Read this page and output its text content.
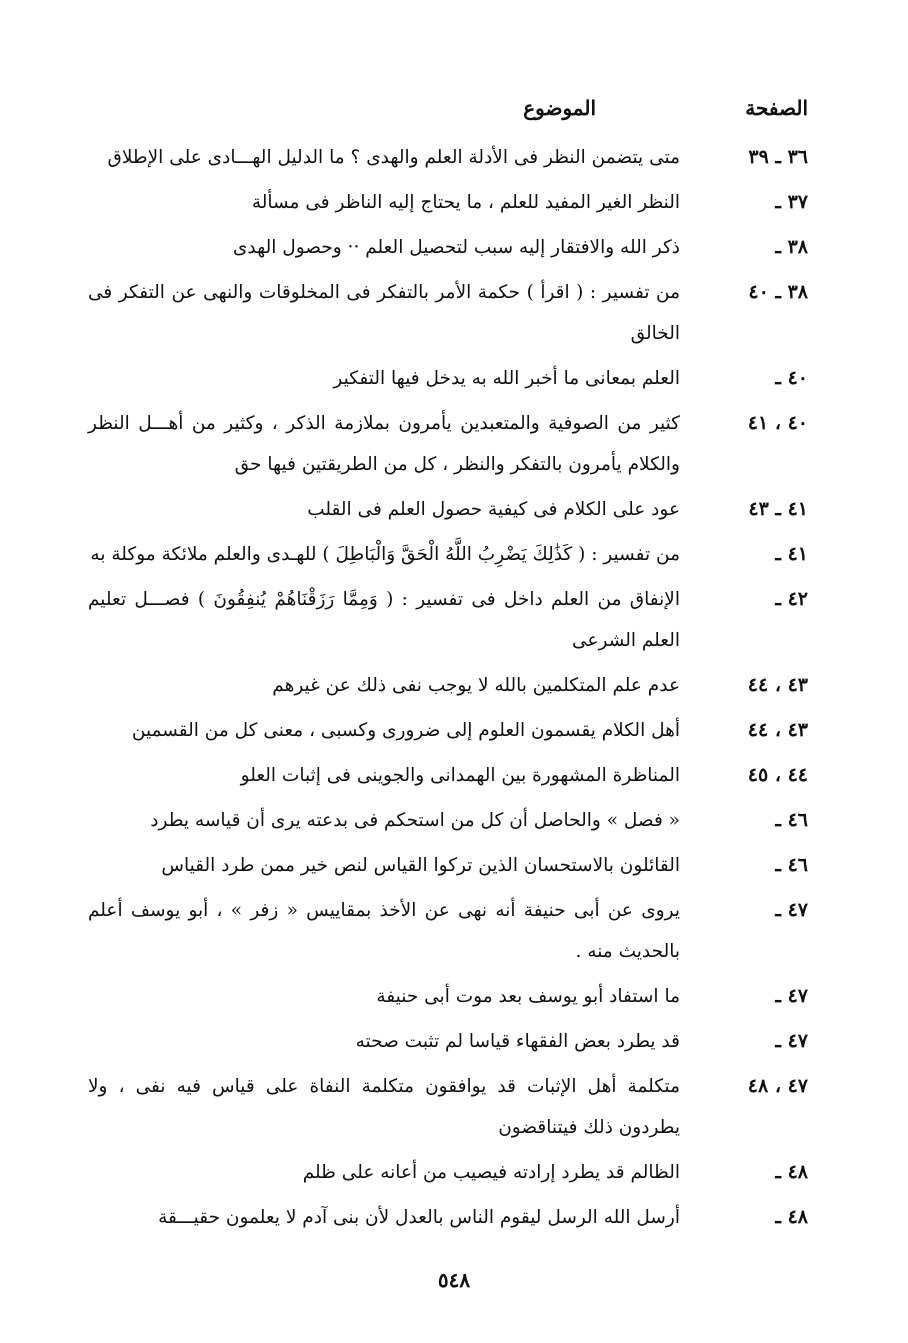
الصفحة
الموضوع
٣٦ ـ ٣٩
متى يتضمن النظر فى الأدلة العلم والهدى ؟ ما الدليل الهـــادى على الإطلاق
٣٧ ـ
النظر الغير المفيد للعلم ، ما يحتاج إليه الناظر فى مسألة
٣٨ ـ
ذكر الله والافتقار إليه سبب لتحصيل العلم ·· وحصول الهدى
٣٨ ـ ٤٠
من تفسير : ( اقرأ ) حكمة الأمر بالتفكر فى المخلوقات والنهى عن التفكر فى الخالق
٤٠ ـ
العلم بمعانى ما أخبر الله به يدخل فيها التفكير
٤٠ ، ٤١
كثير من الصوفية والمتعبدين يأمرون بملازمة الذكر ، وكثير من أهـــل النظر والكلام يأمرون بالتفكر والنظر ، كل من الطريقتين فيها حق
٤١ ـ ٤٣
عود على الكلام فى كيفية حصول العلم فى القلب
٤١ ـ
من تفسير : ( كَذَٰلِكَ يَضْرِبُ اللَّهُ الْحَقَّ وَالْبَاطِلَ ) للهـدى والعلم ملائكة موكلة به
٤٢ ـ
الإنفاق من العلم داخل فى تفسير : ( وَمِمَّا رَزَقْنَاهُمْ يُنفِقُونَ ) فصـــل تعليم العلم الشرعى
٤٣ ، ٤٤
عدم علم المتكلمين بالله لا يوجب نفى ذلك عن غيرهم
٤٣ ، ٤٤
أهل الكلام يقسمون العلوم إلى ضرورى وكسبى ، معنى كل من القسمين
٤٤ ، ٤٥
المناظرة المشهورة بين الهمدانى والجوينى فى إثبات العلو
٤٦ ـ
« فصل » والحاصل أن كل من استحكم فى بدعته يرى أن قياسه يطرد
٤٦ ـ
القائلون بالاستحسان الذين تركوا القياس لنص خير ممن طرد القياس
٤٧ ـ
يروى عن أبى حنيفة أنه نهى عن الأخذ بمقاييس « زفر » ، أبو يوسف أعلم بالحديث منه .
٤٧ ـ
ما استفاد أبو يوسف بعد موت أبى حنيفة
٤٧ ـ
قد يطرد بعض الفقهاء قياسا لم تثبت صحته
٤٧ ، ٤٨
متكلمة أهل الإثبات قد يوافقون متكلمة النفاة على قياس فيه نفى ، ولا يطردون ذلك فيتناقضون
٤٨ ـ
الظالم قد يطرد إرادته فيصيب من أعانه على ظلم
٤٨ ـ
أرسل الله الرسل ليقوم الناس بالعدل لأن بنى آدم لا يعلمون حقيـــقة
٥٤٨
